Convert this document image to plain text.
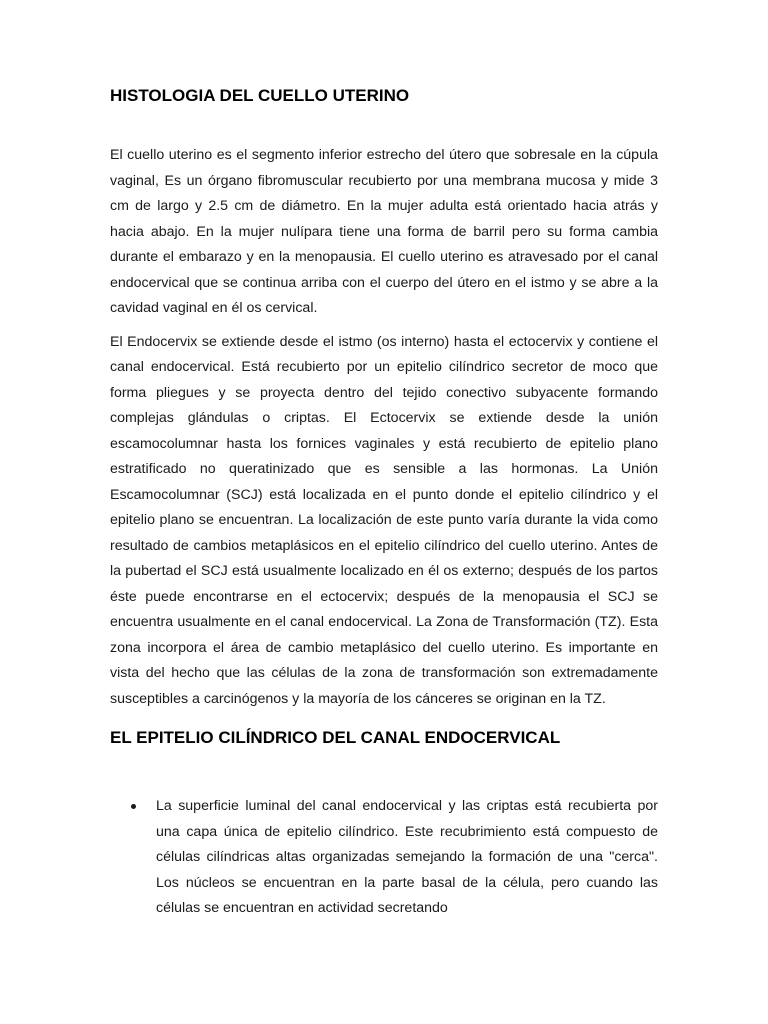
HISTOLOGIA DEL CUELLO UTERINO

El cuello uterino es el segmento inferior estrecho del útero que sobresale en la cúpula vaginal, Es un órgano fibromuscular recubierto por una membrana mucosa y mide 3 cm de largo y 2.5 cm de diámetro. En la mujer adulta está orientado hacia atrás y hacia abajo. En la mujer nulípara tiene una forma de barril pero su forma cambia durante el embarazo y en la menopausia. El cuello uterino es atravesado por el canal endocervical que se continua arriba con el cuerpo del útero en el istmo y se abre a la cavidad vaginal en él os cervical.

El Endocervix se extiende desde el istmo (os interno) hasta el ectocervix y contiene el canal endocervical. Está recubierto por un epitelio cilíndrico secretor de moco que forma pliegues y se proyecta dentro del tejido conectivo subyacente formando complejas glándulas o criptas. El Ectocervix se extiende desde la unión escamocolumnar hasta los fornices vaginales y está recubierto de epitelio plano estratificado no queratinizado que es sensible a las hormonas. La Unión Escamocolumnar (SCJ) está localizada en el punto donde el epitelio cilíndrico y el epitelio plano se encuentran. La localización de este punto varía durante la vida como resultado de cambios metaplásicos en el epitelio cilíndrico del cuello uterino. Antes de la pubertad el SCJ está usualmente localizado en él os externo; después de los partos éste puede encontrarse en el ectocervix; después de la menopausia el SCJ se encuentra usualmente en el canal endocervical. La Zona de Transformación (TZ). Esta zona incorpora el área de cambio metaplásico del cuello uterino. Es importante en vista del hecho que las células de la zona de transformación son extremadamente susceptibles a carcinógenos y la mayoría de los cánceres se originan en la TZ.

EL EPITELIO CILÍNDRICO DEL CANAL ENDOCERVICAL
La superficie luminal del canal endocervical y las criptas está recubierta por una capa única de epitelio cilíndrico. Este recubrimiento está compuesto de células cilíndricas altas organizadas semejando la formación de una "cerca". Los núcleos se encuentran en la parte basal de la célula, pero cuando las células se encuentran en actividad secretando
